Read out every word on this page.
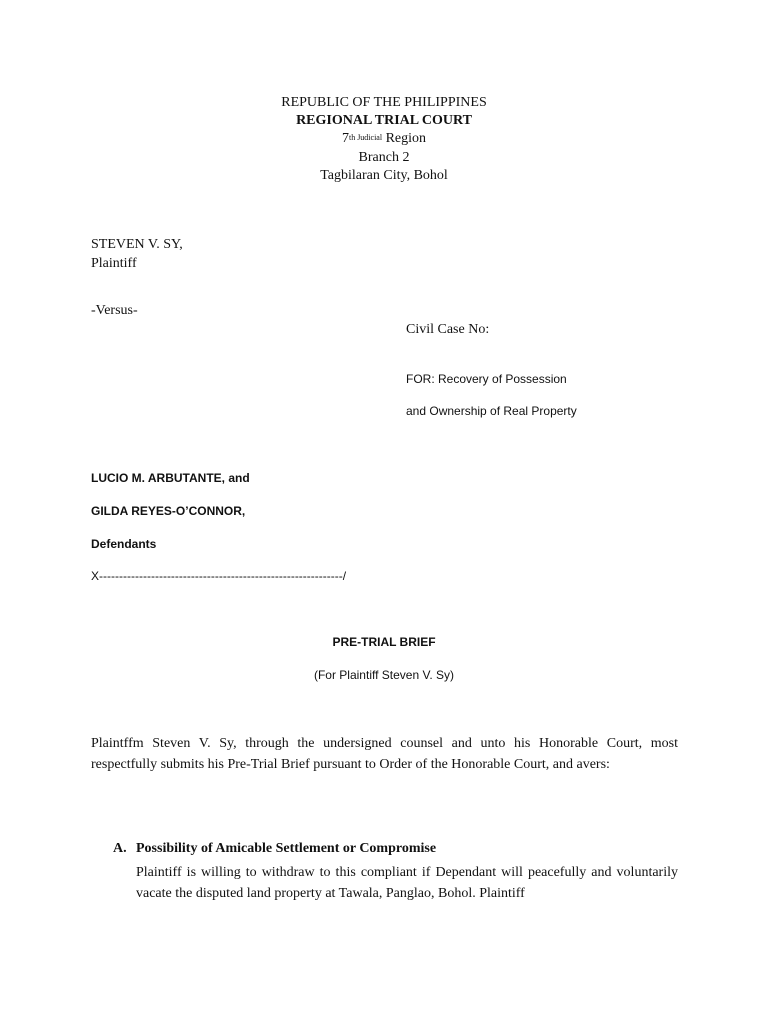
REPUBLIC OF THE PHILIPPINES
REGIONAL TRIAL COURT
$7^{th Judicial}$ Region
Branch 2
Tagbilaran City, Bohol
STEVEN V. SY,
Plaintiff
-Versus-
Civil Case No:
FOR: Recovery of Possession
and Ownership of Real Property
LUCIO M. ARBUTANTE, and
GILDA REYES-O’CONNOR,
Defendants
X-------------------------------------------------------------/
PRE-TRIAL BRIEF
(For Plaintiff Steven V. Sy)
Plaintffm Steven V. Sy, through the undersigned counsel and unto his Honorable Court, most respectfully submits his Pre-Trial Brief pursuant to Order of the Honorable Court, and avers:
A. Possibility of Amicable Settlement or Compromise
Plaintiff is willing to withdraw to this compliant if Dependant will peacefully and voluntarily vacate the disputed land property at Tawala, Panglao, Bohol. Plaintiff
